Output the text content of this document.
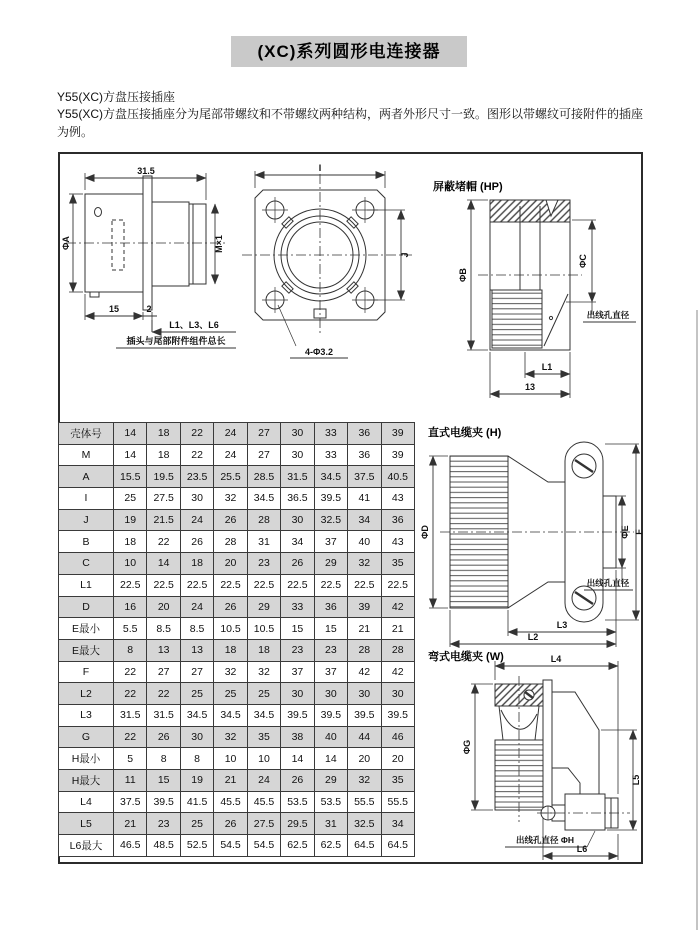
(XC)系列圆形电连接器
Y55(XC)方盘压接插座
Y55(XC)方盘压接插座分为尾部带螺纹和不带螺纹两种结构，两者外形尺寸一致。图形以带螺纹可接附件的插座为例。
31.5
ΦA	M×1
15	2
L1、L3、L6
插头与尾部附件组件总长
I
J
4-Φ3.2
屏蔽堵帽 (HP)
ΦB
ΦC
出线孔直径
L1
13
直式电缆夹 (H)
ΦD	ΦE F
出线孔直径
L3
L2
弯式电缆夹 (W)	L4
ΦG
L5
出线孔直径 ΦH
L6
壳体号	14	18	22	24	27	30	33	36	39
M	14	18	22	24	27	30	33	36	39
A	15.5	19.5	23.5	25.5	28.5	31.5	34.5	37.5	40.5
I	25	27.5	30	32	34.5	36.5	39.5	41	43
J	19	21.5	24	26	28	30	32.5	34	36
B	18	22	26	28	31	34	37	40	43
C	10	14	18	20	23	26	29	32	35
L1	22.5	22.5	22.5	22.5	22.5	22.5	22.5	22.5	22.5
D	16	20	24	26	29	33	36	39	42
E最小	5.5	8.5	8.5	10.5	10.5	15	15	21	21
E最大	8	13	13	18	18	23	23	28	28
F	22	27	27	32	32	37	37	42	42
L2	22	22	25	25	25	30	30	30	30
L3	31.5	31.5	34.5	34.5	34.5	39.5	39.5	39.5	39.5
G	22	26	30	32	35	38	40	44	46
H最小	5	8	8	10	10	14	14	20	20
H最大	11	15	19	21	24	26	29	32	35
L4	37.5	39.5	41.5	45.5	45.5	53.5	53.5	55.5	55.5
L5	21	23	25	26	27.5	29.5	31	32.5	34
L6最大	46.5	48.5	52.5	54.5	54.5	62.5	62.5	64.5	64.5
